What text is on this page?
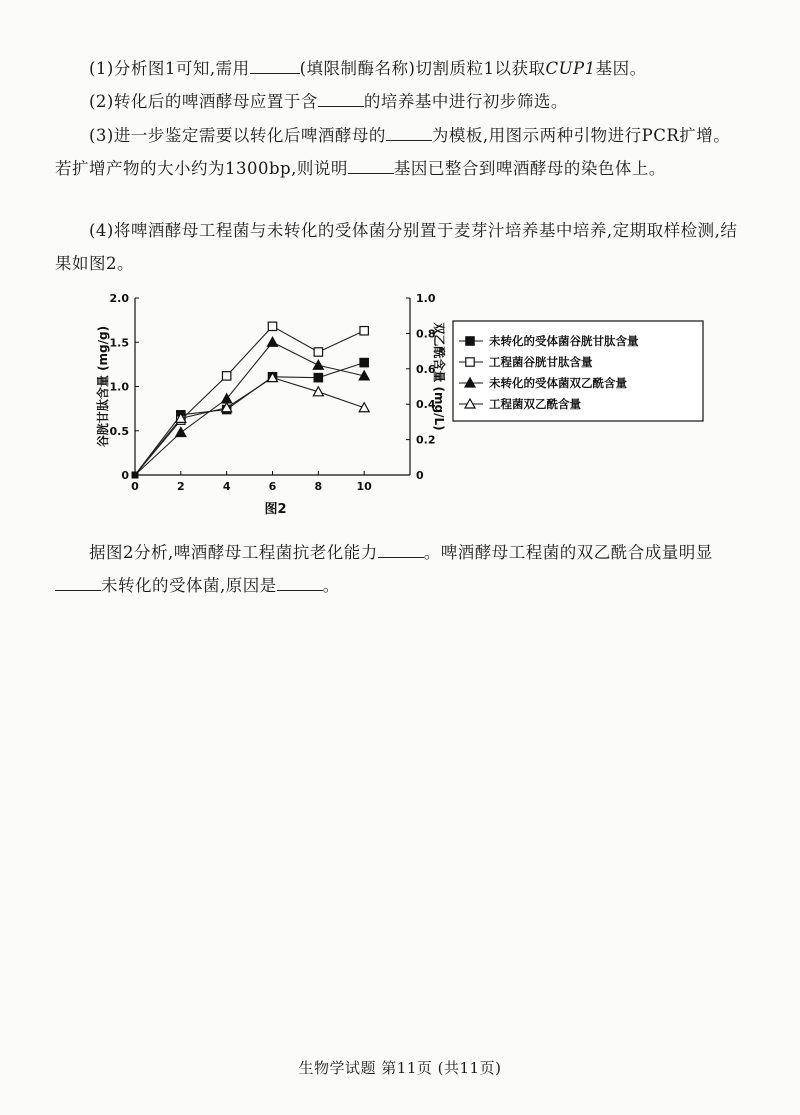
(1)分析图1可知,需用	(填限制酶名称)切割质粒1以获取CUP1基因。
(2)转化后的啤酒酵母应置于含	的培养基中进行初步筛选。
(3)进一步鉴定需要以转化后啤酒酵母的	为模板,用图示两种引物进行PCR扩增。若扩增产物的大小约为1300bp,则说明	基因已整合到啤酒酵母的染色体上。
(4)将啤酒酵母工程菌与未转化的受体菌分别置于麦芽汁培养基中培养,定期取样检测,结果如图2。
0	2	4	6	8	10
0
0.5
1.0
1.5
2.0
0
0.2
0.4
0.6
0.8
1.0
谷胱甘肽含量 (mg/g)	双乙酰含量 (mg/L)
图2
未转化的受体菌谷胱甘肽含量
工程菌谷胱甘肽含量
未转化的受体菌双乙酰含量
工程菌双乙酰含量
据图2分析,啤酒酵母工程菌抗老化能力	。啤酒酵母工程菌的双乙酰合成量明显未转化的受体菌,原因是	。
生物学试题 第11页 (共11页)
